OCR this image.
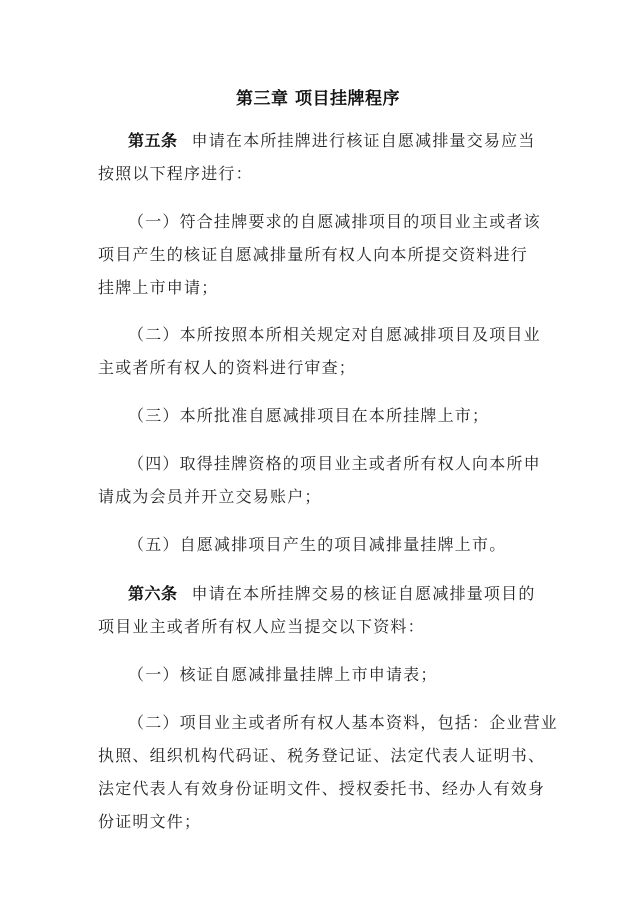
第三章 项目挂牌程序
第五条 申请在本所挂牌进行核证自愿减排量交易应当
按照以下程序进行：
（一）符合挂牌要求的自愿减排项目的项目业主或者该
项目产生的核证自愿减排量所有权人向本所提交资料进行
挂牌上市申请；
（二）本所按照本所相关规定对自愿减排项目及项目业
主或者所有权人的资料进行审查；
（三）本所批准自愿减排项目在本所挂牌上市；
（四）取得挂牌资格的项目业主或者所有权人向本所申
请成为会员并开立交易账户；
（五）自愿减排项目产生的项目减排量挂牌上市。
第六条 申请在本所挂牌交易的核证自愿减排量项目的
项目业主或者所有权人应当提交以下资料：
（一）核证自愿减排量挂牌上市申请表；
（二）项目业主或者所有权人基本资料，包括：企业营业
执照、组织机构代码证、税务登记证、法定代表人证明书、
法定代表人有效身份证明文件、授权委托书、经办人有效身
份证明文件；
